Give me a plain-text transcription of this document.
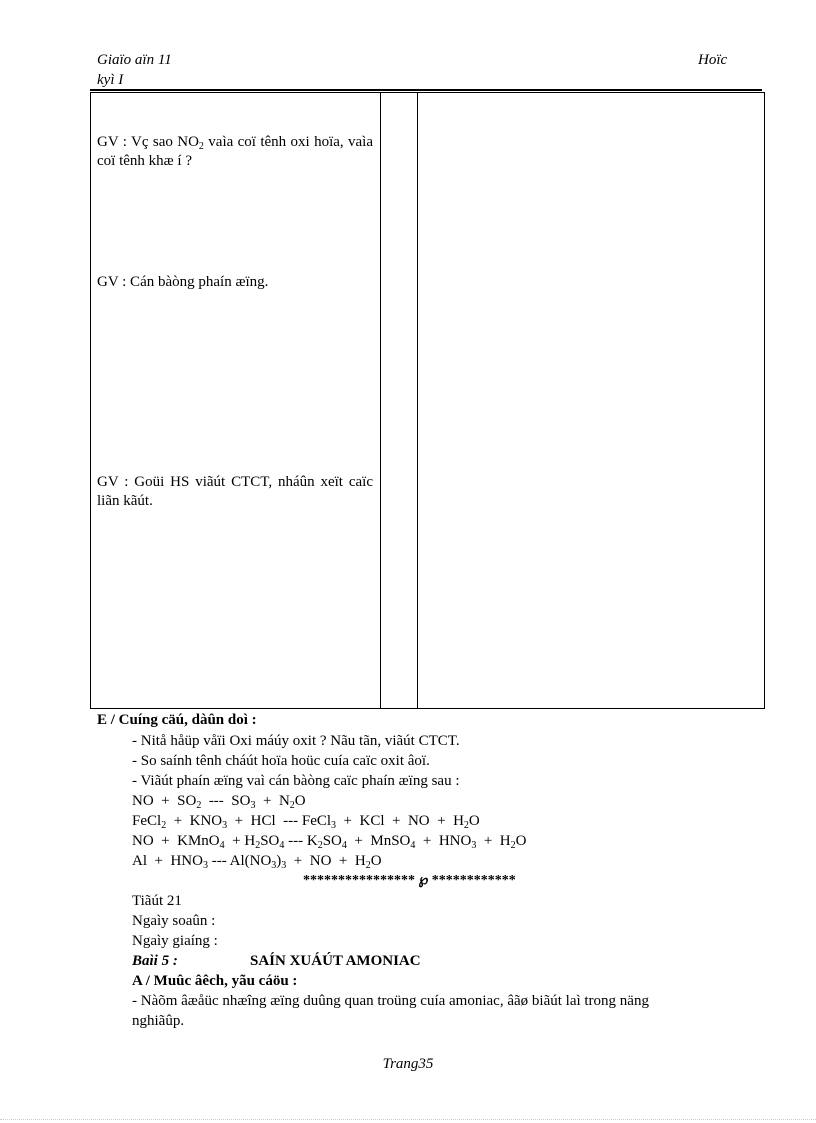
Giaïo aïn 11
kyì I
Hoïc
GV : Vç sao $NO_2$ vaìa coï tênh oxi hoïa, vaìa coï tênh khæ í ?
GV : Cán bàòng phaín æïng.
GV : Goüi HS viãút CTCT, nháûn xeït caïc liãn kãút.
E / Cuíng cäú, dàûn doì :
- Nitå håüp våïi Oxi máúy oxit ? Nãu tãn, viãút CTCT.
- So saính tênh cháút hoïa hoüc cuía caïc oxit âoï.
- Viãút phaín æïng vaì cán bàòng caïc phaín æïng sau :
NO  +  $SO_2$  ---  $SO_3 + N_2O$
FeCl$_2$  +  $KNO_3$  +  HCl  --- FeCl$_3$  +  KCl  +  NO  +  $H_2O$
NO  +  KMnO$_4$  + $H_2SO_4$ --- $K_2SO_4$  +  MnSO$_4$  +  $HNO_3 + H_2O$
$Al + HNO_3$ --- $Al(NO_3)_3$  +  NO  +  $H_2O$
**************** ℘ ************
Tiãút 21
Ngaìy soaûn :
Ngaìy giaíng :
Baìi 5 :	SAÍN XUÁÚT AMONIAC
A / Muûc âêch, yãu cáöu :
- Nàõm âæåüc nhæîng æïng duûng quan troüng cuía amoniac, âãø biãút laì trong näng
nghiãûp.
Trang35
